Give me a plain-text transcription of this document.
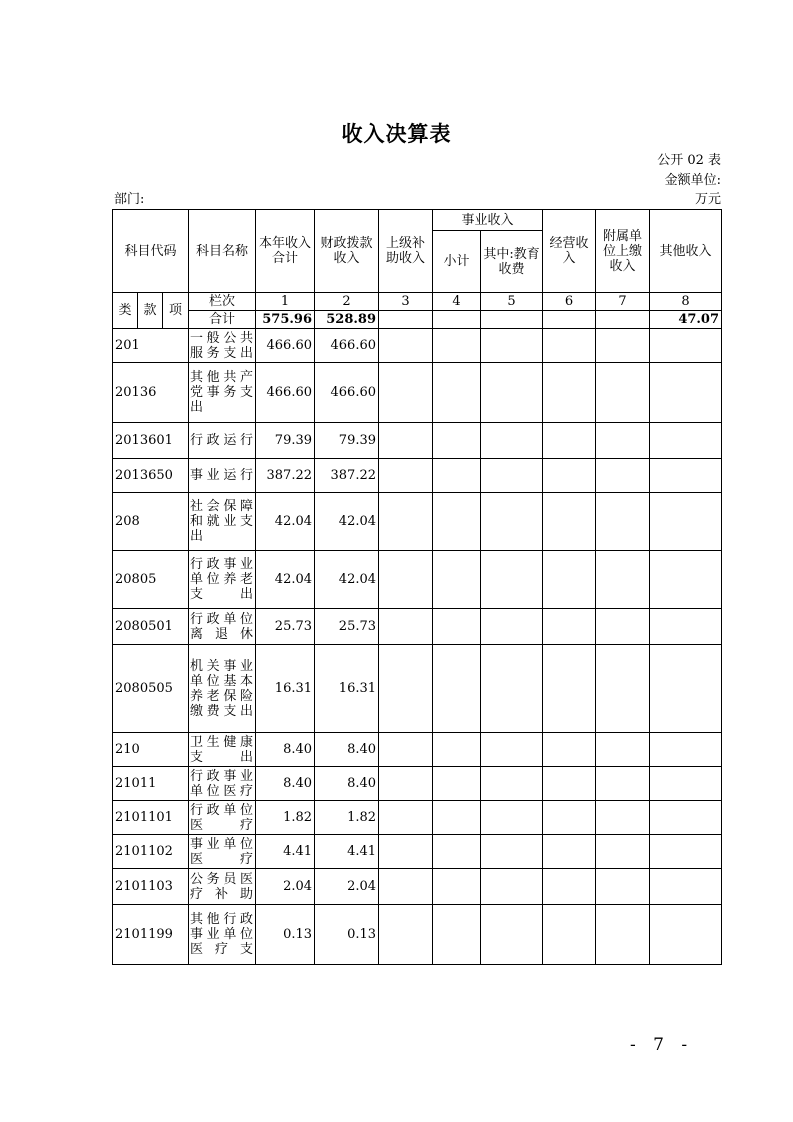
收入决算表
公开 02 表
金额单位:
部门:	万元
科目代码			科目名称	本年收入合计	财政拨款收入	上级补助收入	事业收入		经营收入	附属单位上缴收入	其他收入
							小计	其中:教育收费			
类	款	项	栏次	1	2	3	4	5	6	7	8
			合计	575.96	528.89						47.07
201			一般公共服务支出	466.60	466.60						
20136			其他共产党事务支出	466.60	466.60						
2013601			行政运行	79.39	79.39						
2013650			事业运行	387.22	387.22						
208			社会保障和就业支出	42.04	42.04						
20805			行政事业单位养老支出	42.04	42.04						
2080501			行政单位离退休	25.73	25.73						
2080505			机关事业单位基本养老保险缴费支出	16.31	16.31						
210			卫生健康支出	8.40	8.40						
21011			行政事业单位医疗	8.40	8.40						
2101101			行政单位医疗	1.82	1.82						
2101102			事业单位医疗	4.41	4.41						
2101103			公务员医疗补助	2.04	2.04						
2101199			其他行政事业单位医疗支	0.13	0.13						
- 7 -
